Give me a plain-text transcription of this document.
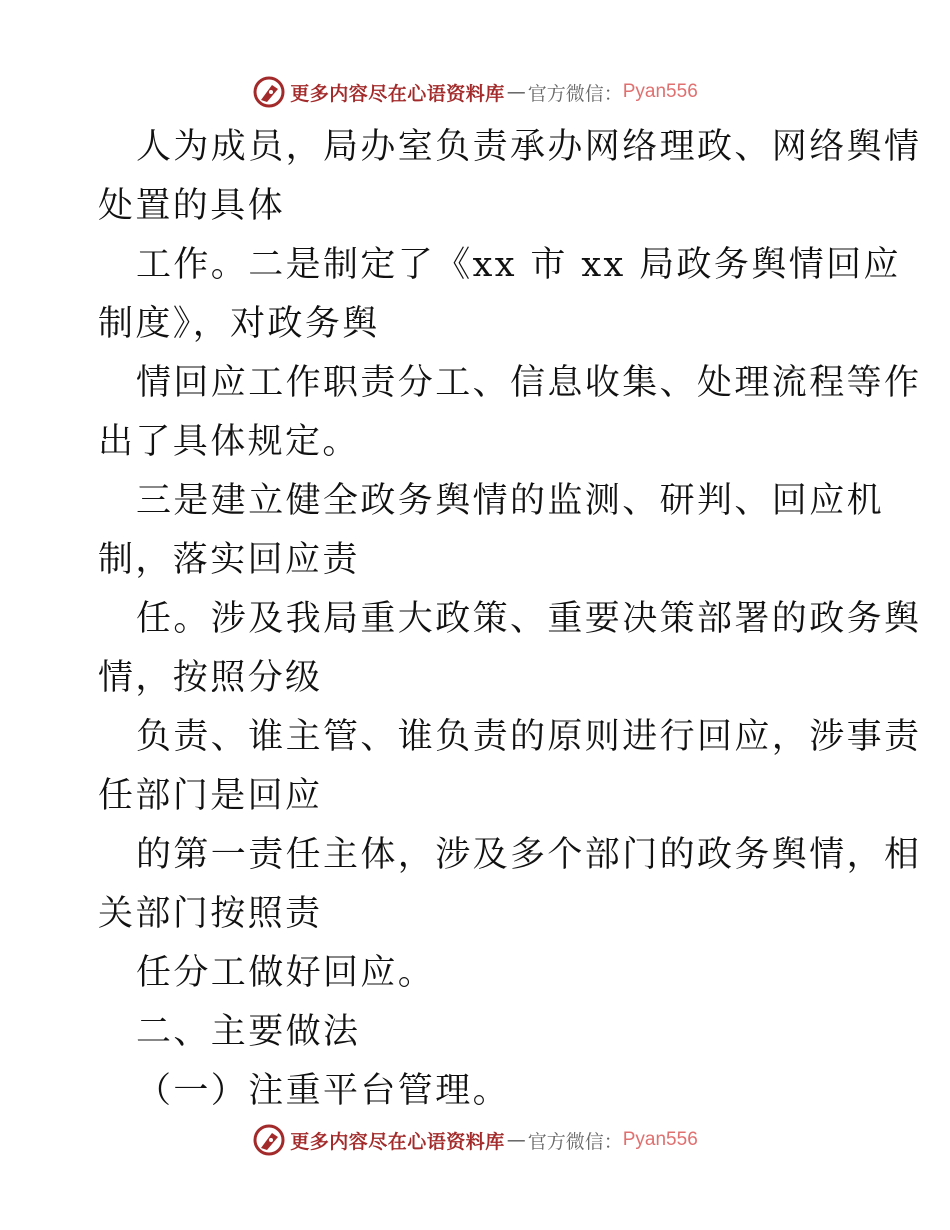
更多内容尽在心语资料库 — 官方微信： Pyan556
人为成员，局办室负责承办网络理政、网络舆情
处置的具体
工作。二是制定了《xx 市 xx 局政务舆情回应
制度》，对政务舆
情回应工作职责分工、信息收集、处理流程等作
出了具体规定。
三是建立健全政务舆情的监测、研判、回应机
制，落实回应责
任。涉及我局重大政策、重要决策部署的政务舆
情，按照分级
负责、谁主管、谁负责的原则进行回应，涉事责
任部门是回应
的第一责任主体，涉及多个部门的政务舆情，相
关部门按照责
任分工做好回应。
二、主要做法
（一）注重平台管理。
更多内容尽在心语资料库 — 官方微信： Pyan556
